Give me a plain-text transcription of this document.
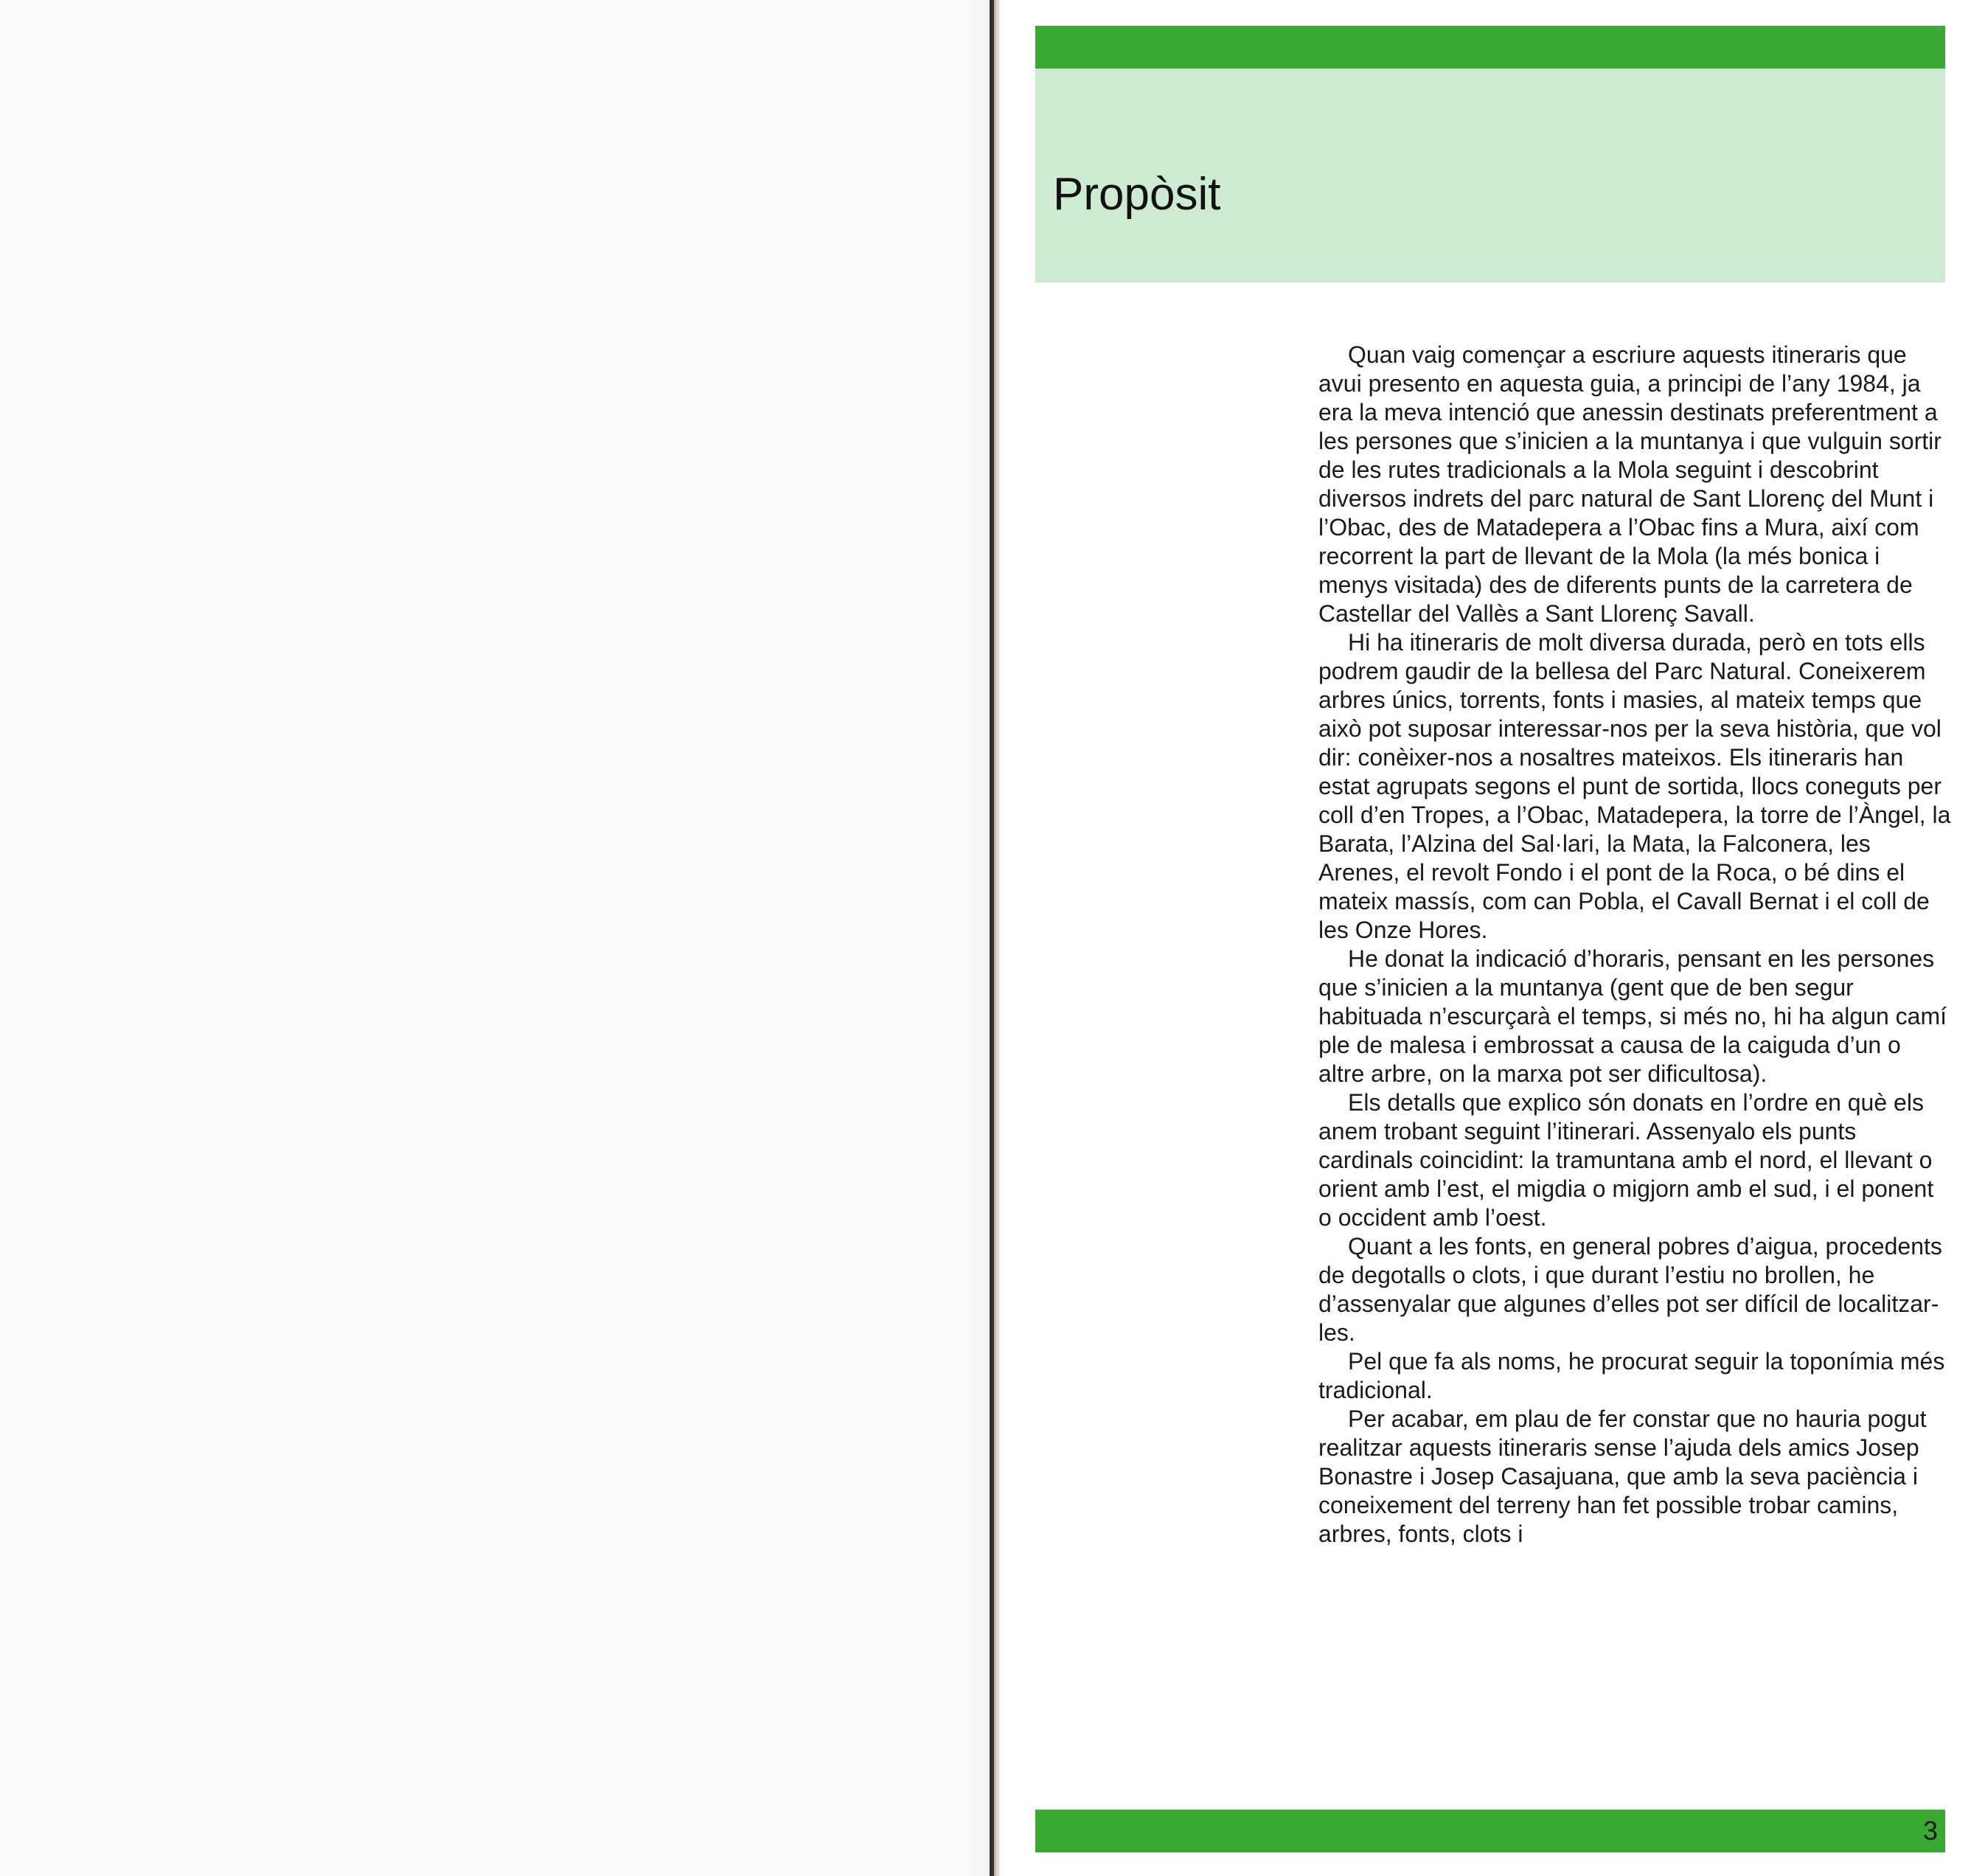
Propòsit

Quan vaig començar a escriure aquests itineraris que avui presento en aquesta guia, a principi de l’any 1984, ja era la meva intenció que anessin destinats preferentment a les persones que s’inicien a la muntanya i que vulguin sortir de les rutes tradicionals a la Mola seguint i descobrint diversos indrets del parc natural de Sant Llorenç del Munt i l’Obac, des de Matadepera a l’Obac fins a Mura, així com recorrent la part de llevant de la Mola (la més bonica i menys visitada) des de diferents punts de la carretera de Castellar del Vallès a Sant Llorenç Savall.

Hi ha itineraris de molt diversa durada, però en tots ells podrem gaudir de la bellesa del Parc Natural. Coneixerem arbres únics, torrents, fonts i masies, al mateix temps que això pot suposar interessar-nos per la seva història, que vol dir: conèixer-nos a nosaltres mateixos. Els itineraris han estat agrupats segons el punt de sortida, llocs coneguts per coll d’en Tropes, a l’Obac, Matadepera, la torre de l’Àngel, la Barata, l’Alzina del Sal·lari, la Mata, la Falconera, les Arenes, el revolt Fondo i el pont de la Roca, o bé dins el mateix massís, com can Pobla, el Cavall Bernat i el coll de les Onze Hores.

He donat la indicació d’horaris, pensant en les persones que s’inicien a la muntanya (gent que de ben segur habituada n’escurçarà el temps, si més no, hi ha algun camí ple de malesa i embrossat a causa de la caiguda d’un o altre arbre, on la marxa pot ser dificultosa).

Els detalls que explico són donats en l’ordre en què els anem trobant seguint l’itinerari. Assenyalo els punts cardinals coincidint: la tramuntana amb el nord, el llevant o orient amb l’est, el migdia o migjorn amb el sud, i el ponent o occident amb l’oest.

Quant a les fonts, en general pobres d’aigua, procedents de degotalls o clots, i que durant l’estiu no brollen, he d’assenyalar que algunes d’elles pot ser difícil de localitzar-les.

Pel que fa als noms, he procurat seguir la toponímia més tradicional.

Per acabar, em plau de fer constar que no hauria pogut realitzar aquests itineraris sense l’ajuda dels amics Josep Bonastre i Josep Casajuana, que amb la seva paciència i coneixement del terreny han fet possible trobar camins, arbres, fonts, clots i

3
